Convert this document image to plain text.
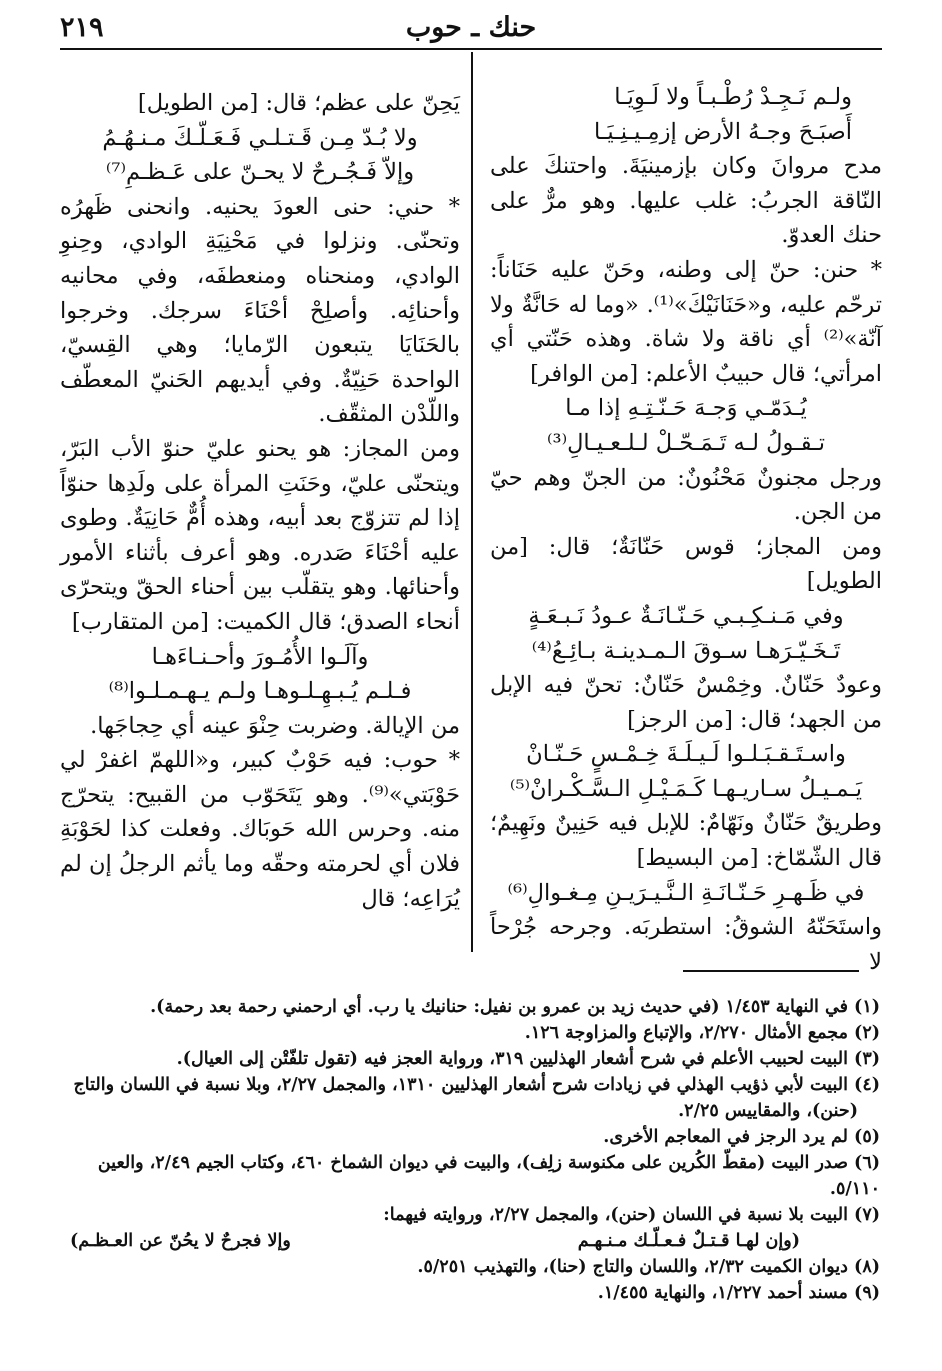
٢١٩	حنك ـ حوب

ولـم نَـجِـدْ رُطْـبـاً ولا لَـوِيَـا

أَصبَـحَ وجـهُ الأرض إزمِـيـنِـيَـا

مدح مروانَ وكان بإزمينيَةَ. واحتنكَ على النّاقة الجربُ: غلب عليها. وهو مرٌّ على حنك العدوّ.

* حنن: حنّ إلى وطنه، وحَنّ عليه حَنَاناً: ترحّم عليه، و«حَنَانَيْكَ»⁽¹⁾. «وما له حَانَّةٌ ولا آنّة»⁽²⁾ أي ناقة ولا شاة. وهذه حَنّتي أي امرأتي؛ قال حبيبٌ الأعلم: [من الوافر]

يُـدَمّـي وَجـهَ حَـنّـتِـهِ إذا مـا

تـقـولُ لـه تَـمَـحّـلْ لـلـعـيـالِ⁽³⁾

ورجل مجنونٌ مَحْنُونٌ: من الجنّ وهم حيّ من الجن.

ومن المجاز؛ قوس حَنّانَةٌ؛ قال: [من الطويل]

وفي مَـنـكِـبـي حَـنّـانَـةٌ عـودُ نَـبـعَـةٍ

تَـخَـيّـرَهـا سـوقَ الـمـدينـة بـائِـعُ⁽⁴⁾

وعودٌ حَنّانٌ. وخِمْسٌ حَنّانٌ: تحنّ فيه الإبل من الجهد؛ قال: [من الرجز]

واسـتَـقـبَـلـوا لَـيـلَـةَ خِـمْـسٍ حَـنّـانْ

يَـمـيـلُ سـاريـهـا كَـمَـيْـلِ الـسَّـكْـرانْ⁽⁵⁾

وطريقٌ حَنّانٌ ونَهّامٌ: للإبل فيه حَنِينٌ ونَهِيمٌ؛ قال الشّمّاخ: [من البسيط]

في ظَـهـرِ حَـنّـانَـةِ الـنَّـيـرَيـنِ مِـغـوالِ⁽⁶⁾

واستَحَنّهُ الشوقُ: استطربَه. وجرحه جُرْحاً لا

يَحِنّ على عظم؛ قال: [من الطويل]

ولا بُـدّ مِـن قَـتـلـي فَـعَـلّـكَ مـنـهُـمُ

وإلاّ فَـجُـرحٌ لا يحـنّ على عَـظـمِ⁽⁷⁾

* حني: حنى العودَ يحنيه. وانحنى ظَهرُه وتحنّى. ونزلوا في مَحْنِيَةِ الوادي، وحِنوِ الوادي، ومنحناه ومنعطفَه، وفي محانيه وأحنائِه. وأصلِحْ أحْنَاءَ سرجك. وخرجوا بالحَنَايَا يتبعون الرّمايا؛ وهي القِسيّ، الواحدة حَنِيّةٌ. وفي أيديهم الحَنيّ المعطّف واللّدْن المثقّف.

ومن المجاز: هو يحنو عليّ حنوّ الأب البَرّ، ويتحنّى عليّ، وحَنَتِ المرأة على ولَدِها حنوّاً إذا لم تتزوّج بعد أبيه، وهذه أُمٌّ حَانِيَةٌ. وطوى عليه أحْنَاءَ صَدره. وهو أعرف بأثناء الأمور وأحنائها. وهو يتقلّب بين أحناء الحقّ ويتحرّى أنحاء الصدق؛ قال الكميت: [من المتقارب]

وآلَـوا الأُمُـورَ وأحـنـاءَهـا

فـلـم يُـبـهِـلـوهـا ولـم يـهـمـلـوا⁽⁸⁾

من الإيالة. وضربت حِنْوَ عينه أي حِجاجَها.

* حوب: فيه حَوْبٌ كبير، و«اللهمّ اغفرْ لي حَوْبَتي»⁽⁹⁾. وهو يَتَحَوّب من القبيح: يتحرّج منه. وحرس الله حَوبَاك. وفعلت كذا لحَوْبَةِ فلان أي لحرمته وحقّه وما يأثم الرجلُ إن لم يُرَاعِه؛ قال

(١) في النهاية ١/٤٥٣ (في حديث زيد بن عمرو بن نفيل: حنانيك يا رب. أي ارحمني رحمة بعد رحمة).

(٢) مجمع الأمثال ٢/٢٧٠، والإتباع والمزاوجة ١٢٦.

(٣) البيت لحبيب الأعلم في شرح أشعار الهذليين ٣١٩، ورواية العجز فيه (تقول تلفّتْن إلى العيال).

(٤) البيت لأبي ذؤيب الهذلي في زيادات شرح أشعار الهذليين ١٣١٠، والمجمل ٢/٢٧، وبلا نسبة في اللسان والتاج

(حنن)، والمقاييس ٢/٢٥.

(٥) لم يرد الرجز في المعاجم الأخرى.

(٦) صدر البيت (مقطّ الكُرين على مكنوسة زلِف)، والبيت في ديوان الشماخ ٤٦٠، وكتاب الجيم ٢/٤٩، والعين ٥/١١٠.

(٧) البيت بلا نسبة في اللسان (حنن)، والمجمل ٢/٢٧، وروايته فيهما:

(وإن لهـا قـتـلٌ فـعـلّـك مـنـهـم
وإلا فجرحٌ لا يحُنّ عن العـظـم)

(٨) ديوان الكميت ٢/٣٢، واللسان والتاج (حنا)، والتهذيب ٥/٢٥١.

(٩) مسند أحمد ١/٢٢٧، والنهاية ١/٤٥٥.
